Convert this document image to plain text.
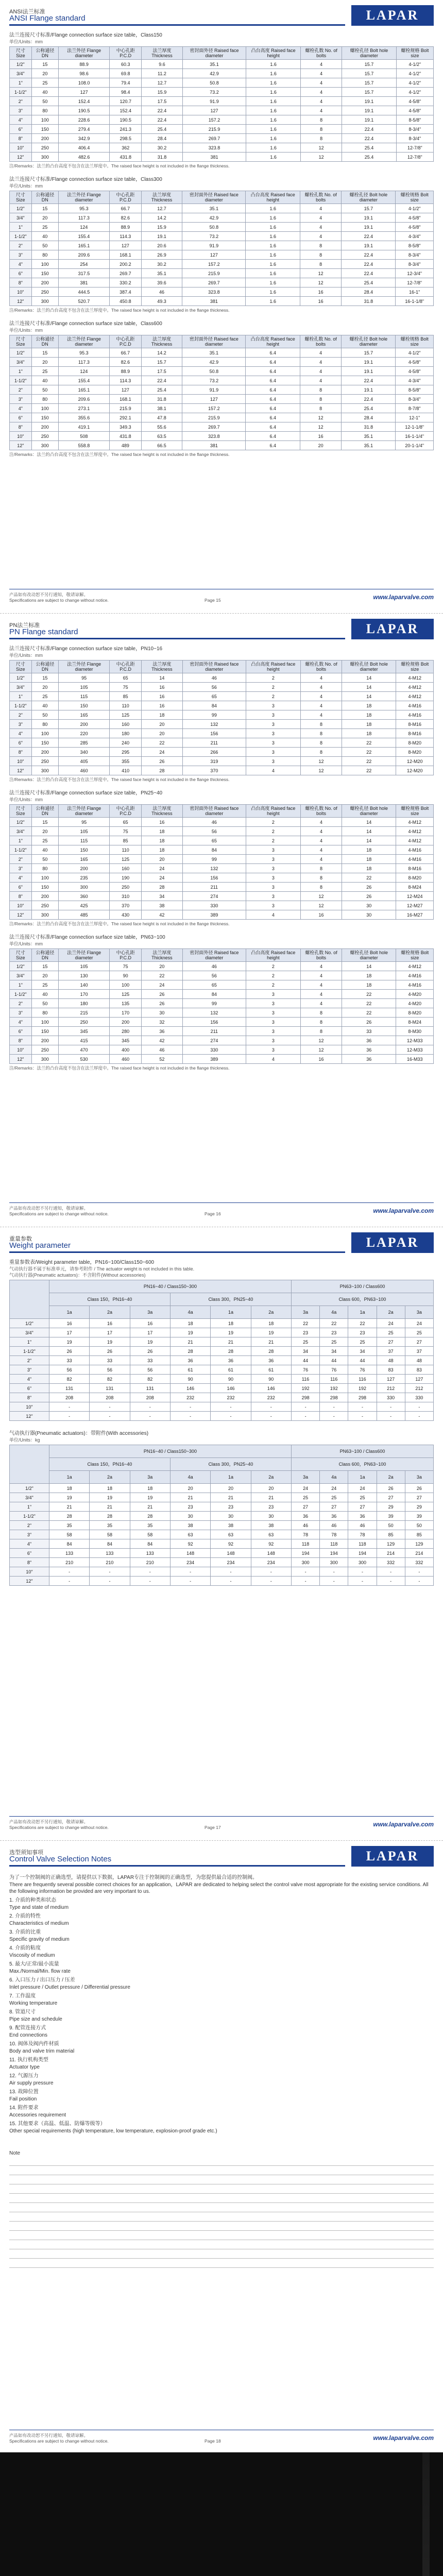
ANSI法兰标准
ANSI Flange standard	LAPAR
法兰连接尺寸标准/Flange connection surface size table，Class150
单位/Units：mm
尺寸 Size	公称通径 DN	法兰外径 Flange diameter	中心孔距 P.C.D	法兰厚度 Thickness	密封面外径 Raised face diameter	凸台高度 Raised face height	螺栓孔数 No. of bolts	螺栓孔径 Bolt hole diameter	螺栓规格 Bolt size
1/2"	15	88.9	60.3	9.6	35.1	1.6	4	15.7	4-1/2"
3/4"	20	98.6	69.8	11.2	42.9	1.6	4	15.7	4-1/2"
1"	25	108.0	79.4	12.7	50.8	1.6	4	15.7	4-1/2"
1-1/2"	40	127	98.4	15.9	73.2	1.6	4	15.7	4-1/2"
2"	50	152.4	120.7	17.5	91.9	1.6	4	19.1	4-5/8"
3"	80	190.5	152.4	22.4	127	1.6	4	19.1	4-5/8"
4"	100	228.6	190.5	22.4	157.2	1.6	8	19.1	8-5/8"
6"	150	279.4	241.3	25.4	215.9	1.6	8	22.4	8-3/4"
8"	200	342.9	298.5	28.4	269.7	1.6	8	22.4	8-3/4"
10"	250	406.4	362	30.2	323.8	1.6	12	25.4	12-7/8"
12"	300	482.6	431.8	31.8	381	1.6	12	25.4	12-7/8"
注/Remarks：法兰的凸台高度不包含在法兰厚度中。The raised face height is not included in the flange thickness.
法兰连接尺寸标准/Flange connection surface size table，Class300
单位/Units：mm
尺寸 Size	公称通径 DN	法兰外径 Flange diameter	中心孔距 P.C.D	法兰厚度 Thickness	密封面外径 Raised face diameter	凸台高度 Raised face height	螺栓孔数 No. of bolts	螺栓孔径 Bolt hole diameter	螺栓规格 Bolt size
1/2"	15	95.3	66.7	12.7	35.1	1.6	4	15.7	4-1/2"
3/4"	20	117.3	82.6	14.2	42.9	1.6	4	19.1	4-5/8"
1"	25	124	88.9	15.9	50.8	1.6	4	19.1	4-5/8"
1-1/2"	40	155.4	114.3	19.1	73.2	1.6	4	22.4	4-3/4"
2"	50	165.1	127	20.6	91.9	1.6	8	19.1	8-5/8"
3"	80	209.6	168.1	26.9	127	1.6	8	22.4	8-3/4"
4"	100	254	200.2	30.2	157.2	1.6	8	22.4	8-3/4"
6"	150	317.5	269.7	35.1	215.9	1.6	12	22.4	12-3/4"
8"	200	381	330.2	39.6	269.7	1.6	12	25.4	12-7/8"
10"	250	444.5	387.4	46	323.8	1.6	16	28.4	16-1"
12"	300	520.7	450.8	49.3	381	1.6	16	31.8	16-1-1/8"
注/Remarks：法兰的凸台高度不包含在法兰厚度中。The raised face height is not included in the flange thickness.
法兰连接尺寸标准/Flange connection surface size table，Class600
单位/Units：mm
尺寸 Size	公称通径 DN	法兰外径 Flange diameter	中心孔距 P.C.D	法兰厚度 Thickness	密封面外径 Raised face diameter	凸台高度 Raised face height	螺栓孔数 No. of bolts	螺栓孔径 Bolt hole diameter	螺栓规格 Bolt size
1/2"	15	95.3	66.7	14.2	35.1	6.4	4	15.7	4-1/2"
3/4"	20	117.3	82.6	15.7	42.9	6.4	4	19.1	4-5/8"
1"	25	124	88.9	17.5	50.8	6.4	4	19.1	4-5/8"
1-1/2"	40	155.4	114.3	22.4	73.2	6.4	4	22.4	4-3/4"
2"	50	165.1	127	25.4	91.9	6.4	8	19.1	8-5/8"
3"	80	209.6	168.1	31.8	127	6.4	8	22.4	8-3/4"
4"	100	273.1	215.9	38.1	157.2	6.4	8	25.4	8-7/8"
6"	150	355.6	292.1	47.8	215.9	6.4	12	28.4	12-1"
8"	200	419.1	349.3	55.6	269.7	6.4	12	31.8	12-1-1/8"
10"	250	508	431.8	63.5	323.8	6.4	16	35.1	16-1-1/4"
12"	300	558.8	489	66.5	381	6.4	20	35.1	20-1-1/4"
注/Remarks：法兰的凸台高度不包含在法兰厚度中。The raised face height is not included in the flange thickness.
产品如有改动恕不另行通知，敬请谅解。
Specifications are subject to change without notice.	Page 15	www.laparvalve.com
PN法兰标准
PN Flange standard	LAPAR
法兰连接尺寸标准/Flange connection surface size table，PN10~16
单位/Units：mm
尺寸 Size	公称通径 DN	法兰外径 Flange diameter	中心孔距 P.C.D	法兰厚度 Thickness	密封面外径 Raised face diameter	凸台高度 Raised face height	螺栓孔数 No. of bolts	螺栓孔径 Bolt hole diameter	螺栓规格 Bolt size
1/2"	15	95	65	14	46	2	4	14	4-M12
3/4"	20	105	75	16	56	2	4	14	4-M12
1"	25	115	85	16	65	2	4	14	4-M12
1-1/2"	40	150	110	16	84	3	4	18	4-M16
2"	50	165	125	18	99	3	4	18	4-M16
3"	80	200	160	20	132	3	8	18	8-M16
4"	100	220	180	20	156	3	8	18	8-M16
6"	150	285	240	22	211	3	8	22	8-M20
8"	200	340	295	24	266	3	8	22	8-M20
10"	250	405	355	26	319	3	12	22	12-M20
12"	300	460	410	28	370	4	12	22	12-M20
注/Remarks：法兰的凸台高度不包含在法兰厚度中。The raised face height is not included in the flange thickness.
法兰连接尺寸标准/Flange connection surface size table，PN25~40
单位/Units：mm
尺寸 Size	公称通径 DN	法兰外径 Flange diameter	中心孔距 P.C.D	法兰厚度 Thickness	密封面外径 Raised face diameter	凸台高度 Raised face height	螺栓孔数 No. of bolts	螺栓孔径 Bolt hole diameter	螺栓规格 Bolt size
1/2"	15	95	65	16	46	2	4	14	4-M12
3/4"	20	105	75	18	56	2	4	14	4-M12
1"	25	115	85	18	65	2	4	14	4-M12
1-1/2"	40	150	110	18	84	3	4	18	4-M16
2"	50	165	125	20	99	3	4	18	4-M16
3"	80	200	160	24	132	3	8	18	8-M16
4"	100	235	190	24	156	3	8	22	8-M20
6"	150	300	250	28	211	3	8	26	8-M24
8"	200	360	310	34	274	3	12	26	12-M24
10"	250	425	370	38	330	3	12	30	12-M27
12"	300	485	430	42	389	4	16	30	16-M27
注/Remarks：法兰的凸台高度不包含在法兰厚度中。The raised face height is not included in the flange thickness.
法兰连接尺寸标准/Flange connection surface size table，PN63~100
单位/Units：mm
尺寸 Size	公称通径 DN	法兰外径 Flange diameter	中心孔距 P.C.D	法兰厚度 Thickness	密封面外径 Raised face diameter	凸台高度 Raised face height	螺栓孔数 No. of bolts	螺栓孔径 Bolt hole diameter	螺栓规格 Bolt size
1/2"	15	105	75	20	46	2	4	14	4-M12
3/4"	20	130	90	22	56	2	4	18	4-M16
1"	25	140	100	24	65	2	4	18	4-M16
1-1/2"	40	170	125	26	84	3	4	22	4-M20
2"	50	180	135	26	99	3	4	22	4-M20
3"	80	215	170	30	132	3	8	22	8-M20
4"	100	250	200	32	156	3	8	26	8-M24
6"	150	345	280	36	211	3	8	33	8-M30
8"	200	415	345	42	274	3	12	36	12-M33
10"	250	470	400	46	330	3	12	36	12-M33
12"	300	530	460	52	389	4	16	36	16-M33
注/Remarks：法兰的凸台高度不包含在法兰厚度中。The raised face height is not included in the flange thickness.
产品如有改动恕不另行通知，敬请谅解。
Specifications are subject to change without notice.	Page 16	www.laparvalve.com
重量参数
Weight parameter	LAPAR
重量参数表/Weight parameter table，PN16~100/Class150~600
气动执行器不属于标准单元，请参考附件 / The actuator weight is not included in this table.
气动执行器(Pneumatic actuators)：不含附件(Without accessories)
	PN16~40 / Class150~300						PN63~100 / Class600				
	Class 150，PN16~40			Class 300，PN25~40			Class 600，PN63~100				
	1a	2a	3a	4a	1a	2a	3a	4a	1a	2a	3a
1/2"	16	16	16	18	18	18	22	22	22	24	24
3/4"	17	17	17	19	19	19	23	23	23	25	25
1"	19	19	19	21	21	21	25	25	25	27	27
1-1/2"	26	26	26	28	28	28	34	34	34	37	37
2"	33	33	33	36	36	36	44	44	44	48	48
3"	56	56	56	61	61	61	76	76	76	83	83
4"	82	82	82	90	90	90	116	116	116	127	127
6"	131	131	131	146	146	146	192	192	192	212	212
8"	208	208	208	232	232	232	298	298	298	330	330
10"	-	-	-	-	-	-	-	-	-	-	-
12"	-	-	-	-	-	-	-	-	-	-	-
气动执行器(Pneumatic actuators)：带附件(With accessories)
单位/Units：kg
	PN16~40 / Class150~300						PN63~100 / Class600				
	Class 150，PN16~40			Class 300，PN25~40			Class 600，PN63~100				
	1a	2a	3a	4a	1a	2a	3a	4a	1a	2a	3a
1/2"	18	18	18	20	20	20	24	24	24	26	26
3/4"	19	19	19	21	21	21	25	25	25	27	27
1"	21	21	21	23	23	23	27	27	27	29	29
1-1/2"	28	28	28	30	30	30	36	36	36	39	39
2"	35	35	35	38	38	38	46	46	46	50	50
3"	58	58	58	63	63	63	78	78	78	85	85
4"	84	84	84	92	92	92	118	118	118	129	129
6"	133	133	133	148	148	148	194	194	194	214	214
8"	210	210	210	234	234	234	300	300	300	332	332
10"	-	-	-	-	-	-	-	-	-	-	-
12"	-	-	-	-	-	-	-	-	-	-	-
产品如有改动恕不另行通知，敬请谅解。
Specifications are subject to change without notice.	Page 17	www.laparvalve.com
选型须知事项
Control Valve Selection Notes	LAPAR
为了一个控制阀的正确选型，请提供以下数据，LAPAR专注于控制阀的正确选型，为您提供最合适的控制阀。
There are frequently several possible correct choices for an application，LAPAR are dedicated to helping select the control valve most appropriate for the existing service conditions. All the following information be provided are very important to us.
1. 介质的种类和状态
Type and state of medium
2. 介质的特性
Characteristics of medium
3. 介质的比重
Specific gravity of medium
4. 介质的粘度
Viscosity of medium
5. 最大/正常/最小流量
Max./Normal/Min. flow rate
6. 入口压力 / 出口压力 / 压差
Inlet pressure / Outlet pressure / Differential pressure
7. 工作温度
Working temperature
8. 管道尺寸
Pipe size and schedule
9. 配管连接方式
End connections
10. 阀体及阀内件材质
Body and valve trim material
11. 执行机构类型
Actuator type
12. 气源压力
Air supply pressure
13. 故障位置
Fail position
14. 附件要求
Accessories requirement
15. 其他要求（高温、低温、防爆等级等）
Other special requirements (high temperature, low temperature, explosion-proof grade etc.)
Note
产品如有改动恕不另行通知，敬请谅解。
Specifications are subject to change without notice.	Page 18	www.laparvalve.com
